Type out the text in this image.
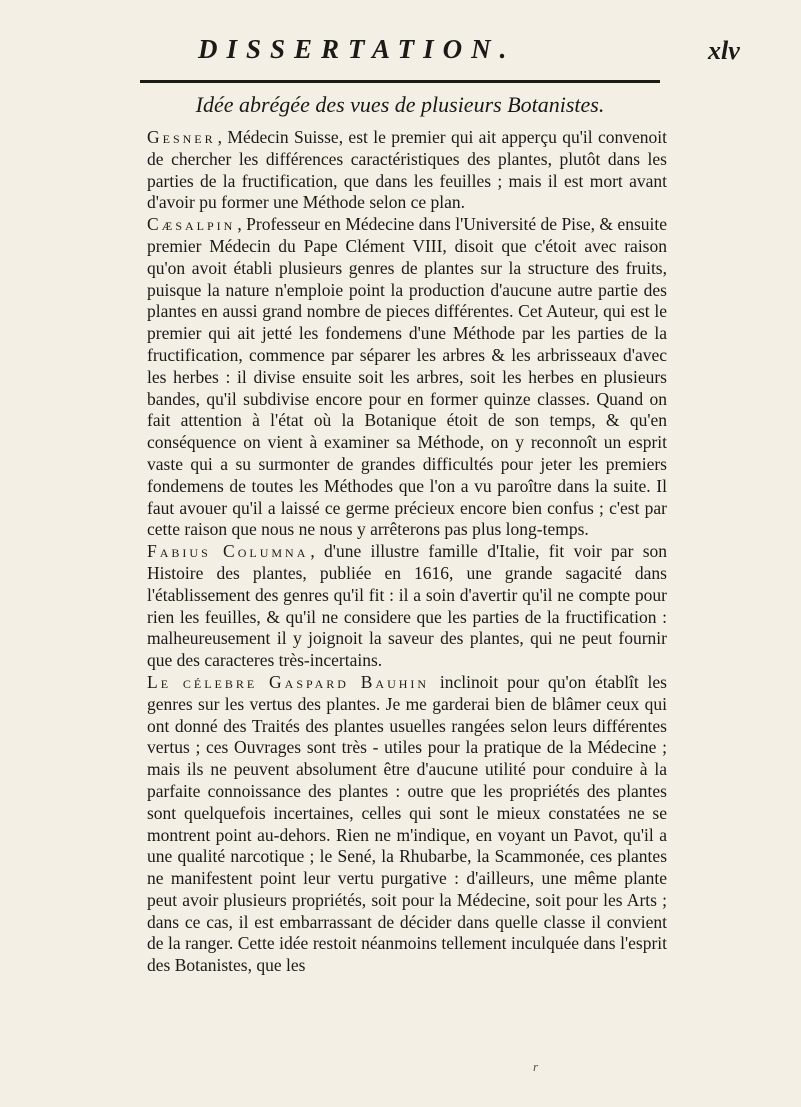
DISSERTATION.	xlv
Idée abrégée des vues de plusieurs Botanistes.

Gesner , Médecin Suisse, est le premier qui ait apperçu qu'il convenoit de chercher les différences caractéristiques des plantes, plutôt dans les parties de la fructification, que dans les feuilles ; mais il est mort avant d'avoir pu former une Méthode selon ce plan.

Cæsalpin , Professeur en Médecine dans l'Université de Pise, & ensuite premier Médecin du Pape Clément VIII, disoit que c'étoit avec raison qu'on avoit établi plusieurs genres de plantes sur la structure des fruits, puisque la nature n'emploie point la production d'aucune autre partie des plantes en aussi grand nombre de pieces différentes. Cet Auteur, qui est le premier qui ait jetté les fondemens d'une Méthode par les parties de la fructification, commence par séparer les arbres & les arbrisseaux d'avec les herbes : il divise ensuite soit les arbres, soit les herbes en plusieurs bandes, qu'il subdivise encore pour en former quinze classes. Quand on fait attention à l'état où la Botanique étoit de son temps, & qu'en conséquence on vient à examiner sa Méthode, on y reconnoît un esprit vaste qui a su surmonter de grandes difficultés pour jeter les premiers fondemens de toutes les Méthodes que l'on a vu paroître dans la suite. Il faut avouer qu'il a laissé ce germe précieux encore bien confus ; c'est par cette raison que nous ne nous y arrêterons pas plus long-temps.

Fabius Columna , d'une illustre famille d'Italie, fit voir par son Histoire des plantes, publiée en 1616, une grande sagacité dans l'établissement des genres qu'il fit : il a soin d'avertir qu'il ne compte pour rien les feuilles, & qu'il ne considere que les parties de la fructification : malheureusement il y joignoit la saveur des plantes, qui ne peut fournir que des caracteres très-incertains.

Le célebre Gaspard Bauhin inclinoit pour qu'on établît les genres sur les vertus des plantes. Je me garderai bien de blâmer ceux qui ont donné des Traités des plantes usuelles rangées selon leurs différentes vertus ; ces Ouvrages sont très - utiles pour la pratique de la Médecine ; mais ils ne peuvent absolument être d'aucune utilité pour conduire à la parfaite connoissance des plantes : outre que les propriétés des plantes sont quelquefois incertaines, celles qui sont le mieux constatées ne se montrent point au-dehors. Rien ne m'indique, en voyant un Pavot, qu'il a une qualité narcotique ; le Sené, la Rhubarbe, la Scammonée, ces plantes ne manifestent point leur vertu purgative : d'ailleurs, une même plante peut avoir plusieurs propriétés, soit pour la Médecine, soit pour les Arts ; dans ce cas, il est embarrassant de décider dans quelle classe il convient de la ranger. Cette idée restoit néanmoins tellement inculquée dans l'esprit des Botanistes, que les

r
